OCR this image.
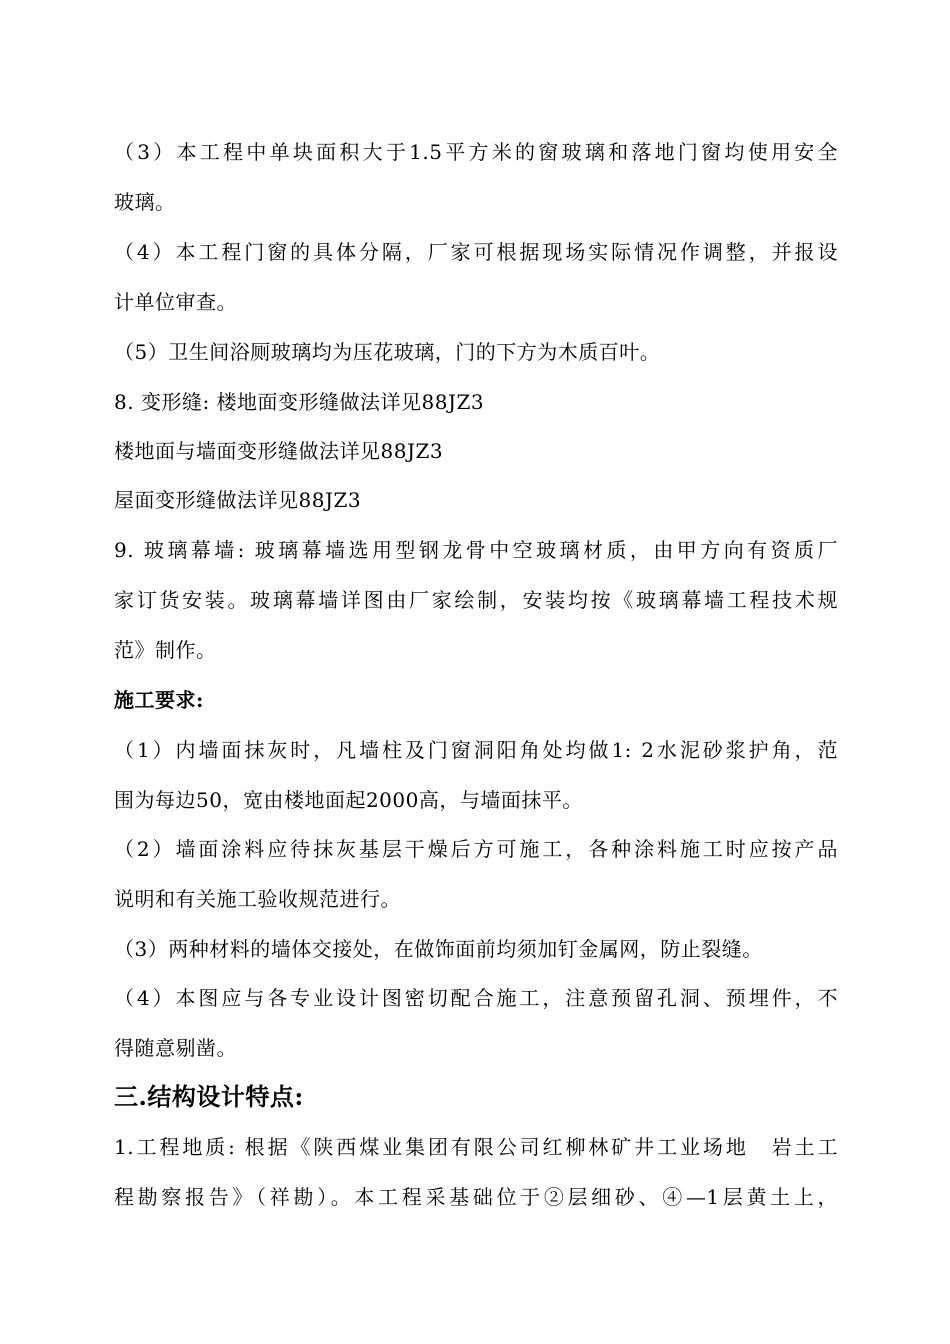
（3）本工程中单块面积大于1.5平方米的窗玻璃和落地门窗均使用安全
玻璃。
（4）本工程门窗的具体分隔，厂家可根据现场实际情况作调整，并报设
计单位审查。
（5）卫生间浴厕玻璃均为压花玻璃，门的下方为木质百叶。
8. 变形缝: 楼地面变形缝做法详见88JZ3
楼地面与墙面变形缝做法详见88JZ3
屋面变形缝做法详见88JZ3
9. 玻璃幕墙: 玻璃幕墙选用型钢龙骨中空玻璃材质，由甲方向有资质厂
家订货安装。玻璃幕墙详图由厂家绘制，安装均按《玻璃幕墙工程技术规
范》制作。
施工要求:
（1）内墙面抹灰时，凡墙柱及门窗洞阳角处均做1: 2水泥砂浆护角，范
围为每边50，宽由楼地面起2000高，与墙面抹平。
（2）墙面涂料应待抹灰基层干燥后方可施工，各种涂料施工时应按产品
说明和有关施工验收规范进行。
（3）两种材料的墙体交接处，在做饰面前均须加钉金属网，防止裂缝。
（4）本图应与各专业设计图密切配合施工，注意预留孔洞、预埋件，不
得随意剔凿。
三.结构设计特点:
1.工程地质: 根据《陕西煤业集团有限公司红柳林矿井工业场地　岩土工
程勘察报告》（祥勘）。本工程采基础位于②层细砂、④—1层黄土上，
